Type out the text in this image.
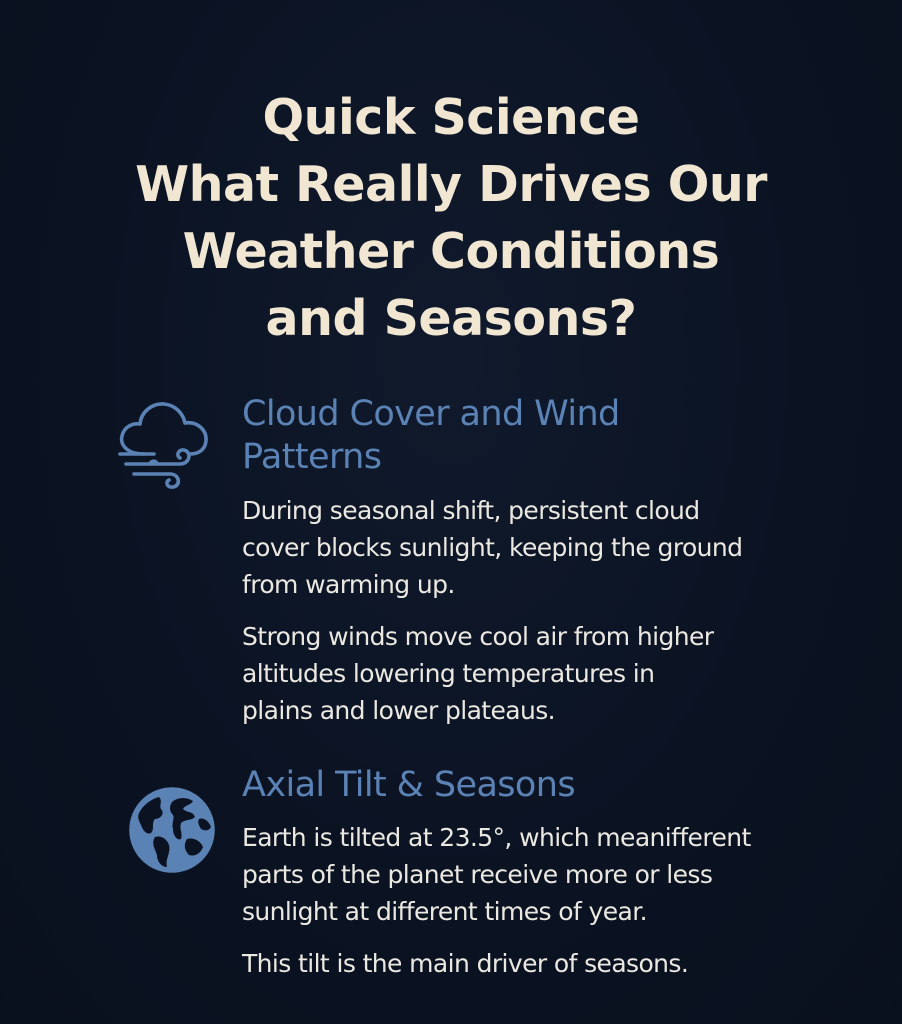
Quick Science
What Really Drives Our
Weather Conditions
and Seasons?
Cloud Cover and Wind
Patterns
During seasonal shift, persistent cloud
cover blocks sunlight, keeping the ground
from warming up.
Strong winds move cool air from higher
altitudes lowering temperatures in
plains and lower plateaus.
Axial Tilt & Seasons
Earth is tilted at 23.5°, which meanifferent
parts of the planet receive more or less
sunlight at different times of year.
This tilt is the main driver of seasons.
